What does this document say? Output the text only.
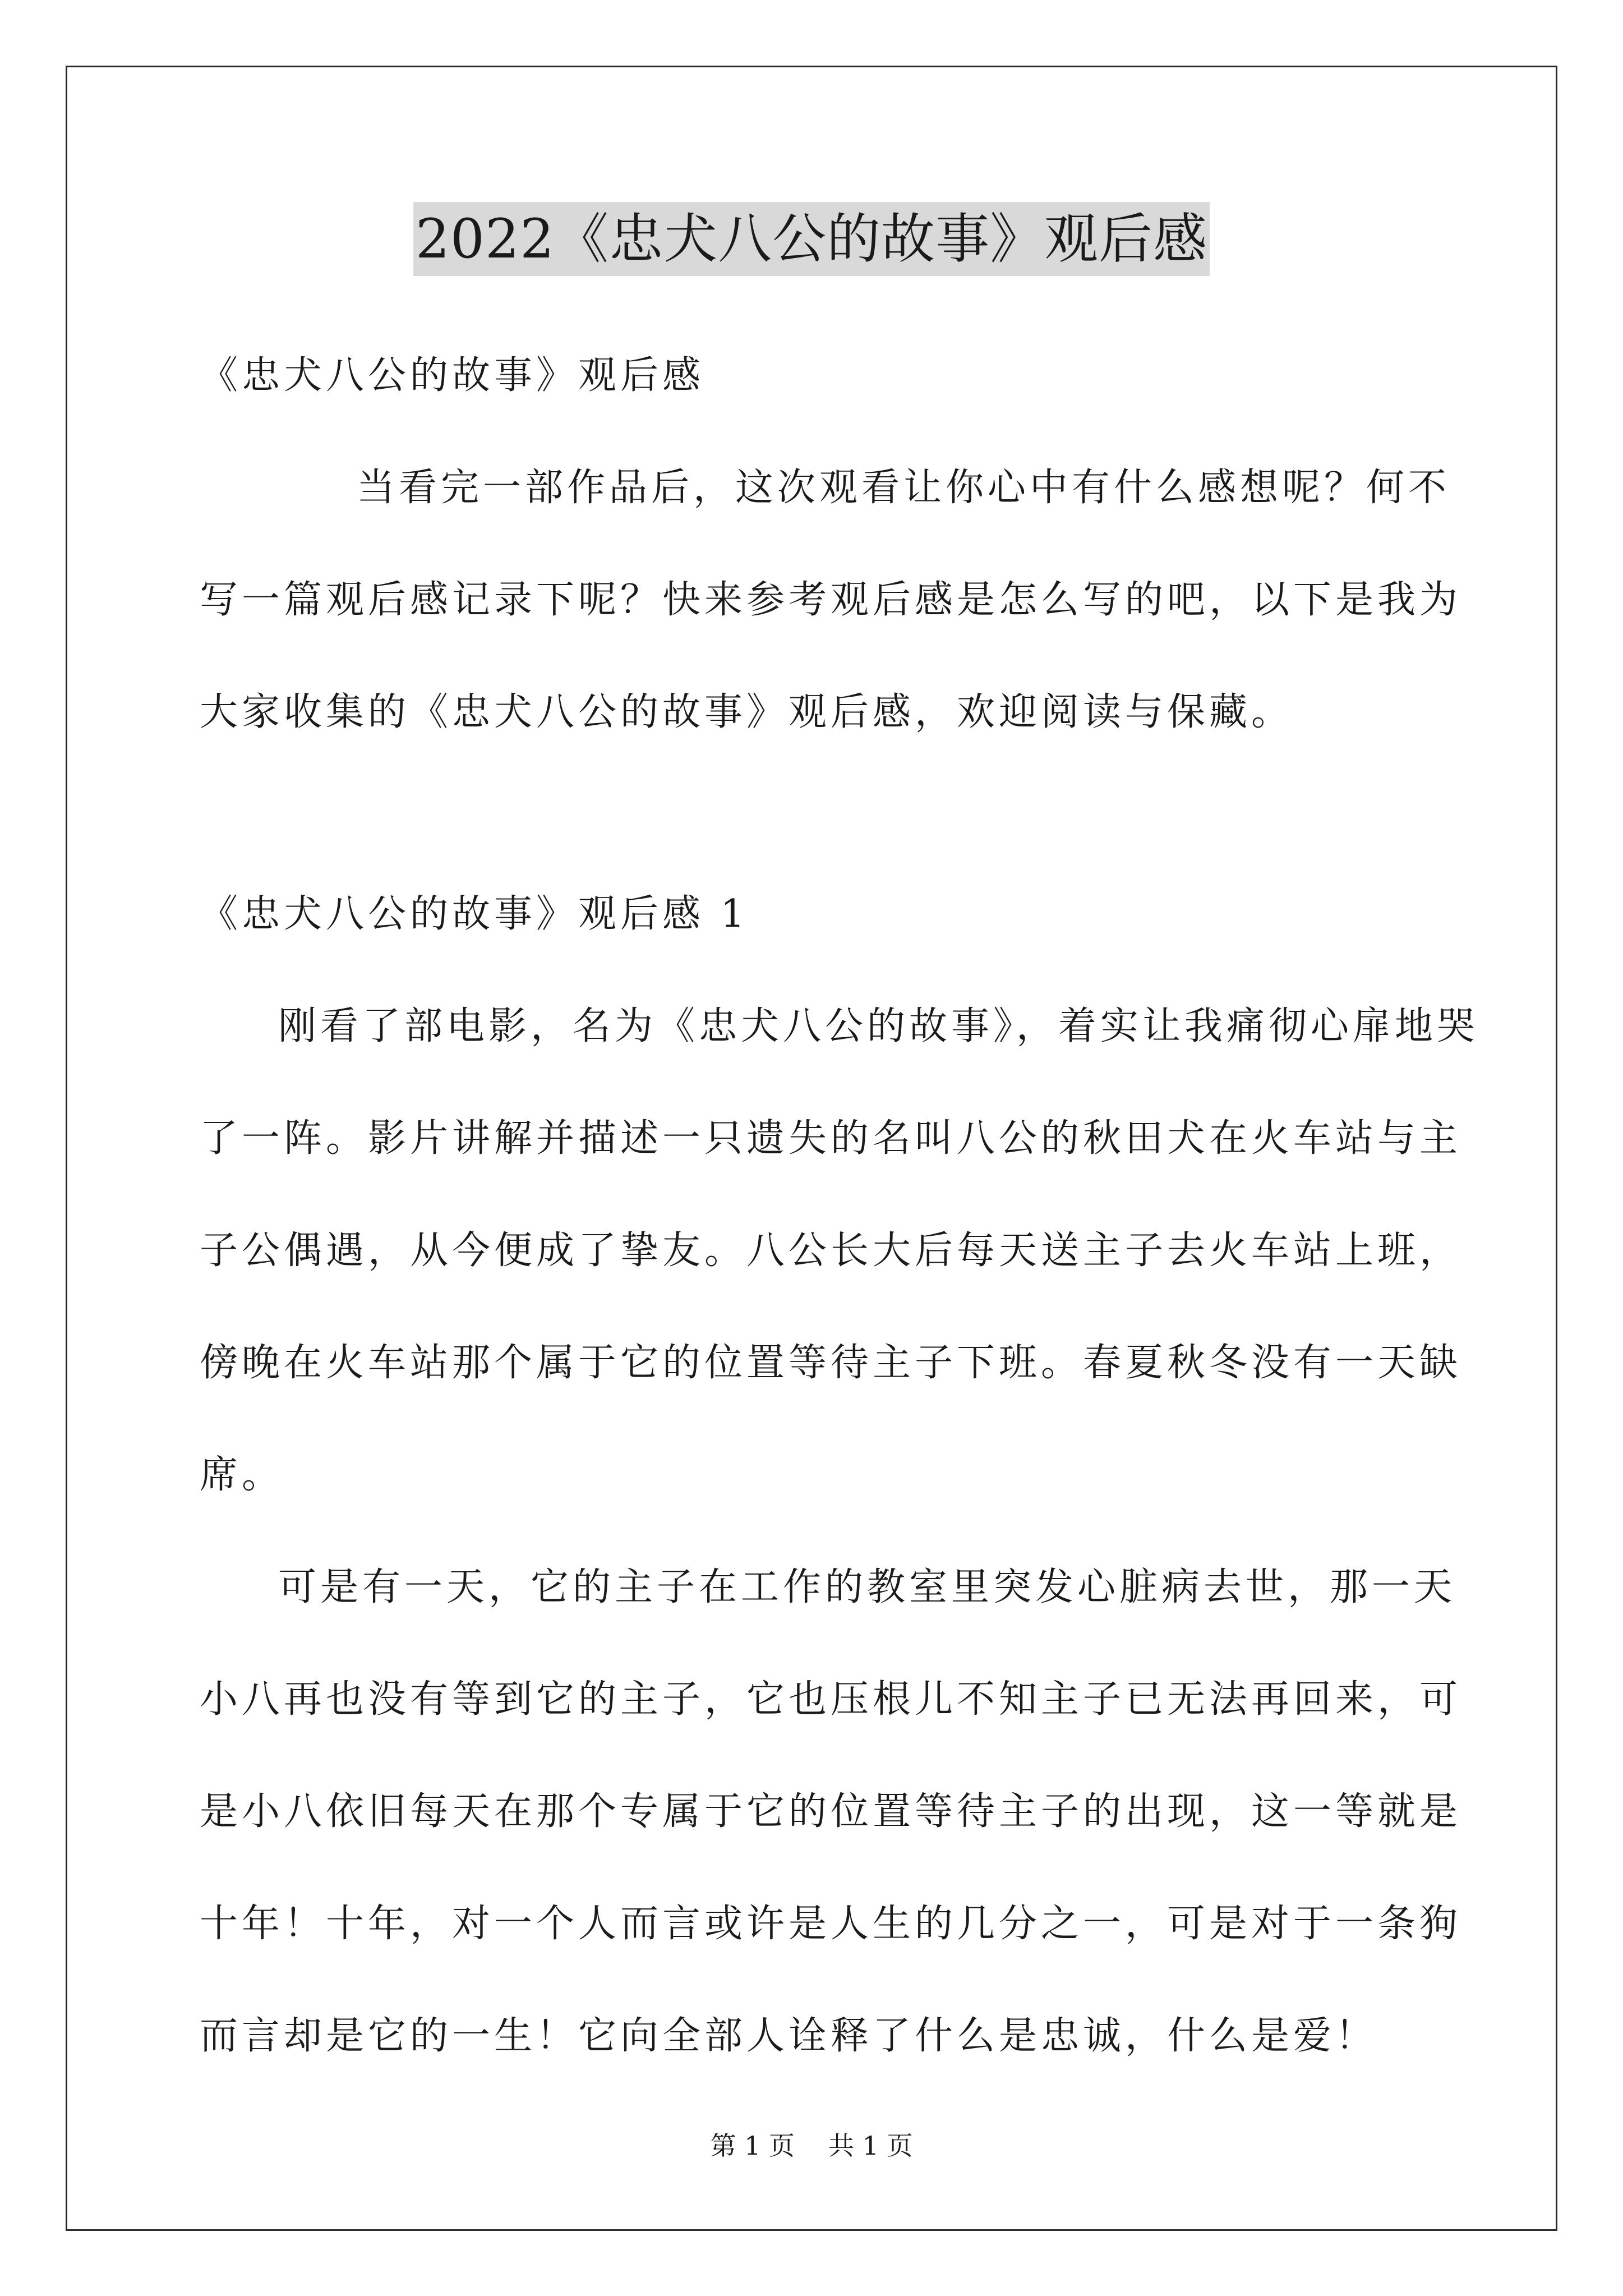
2022《忠犬八公的故事》观后感
《忠犬八公的故事》观后感
当看完一部作品后，这次观看让你心中有什么感想呢？何不
写一篇观后感记录下呢？快来参考观后感是怎么写的吧，以下是我为
大家收集的《忠犬八公的故事》观后感，欢迎阅读与保藏。
《忠犬八公的故事》观后感 1
刚看了部电影，名为《忠犬八公的故事》，着实让我痛彻心扉地哭
了一阵。影片讲解并描述一只遗失的名叫八公的秋田犬在火车站与主
子公偶遇，从今便成了挚友。八公长大后每天送主子去火车站上班，
傍晚在火车站那个属于它的位置等待主子下班。春夏秋冬没有一天缺
席。
可是有一天，它的主子在工作的教室里突发心脏病去世，那一天
小八再也没有等到它的主子，它也压根儿不知主子已无法再回来，可
是小八依旧每天在那个专属于它的位置等待主子的出现，这一等就是
十年！十年，对一个人而言或许是人生的几分之一，可是对于一条狗
而言却是它的一生！它向全部人诠释了什么是忠诚，什么是爱！
第 1 页 共 1 页
